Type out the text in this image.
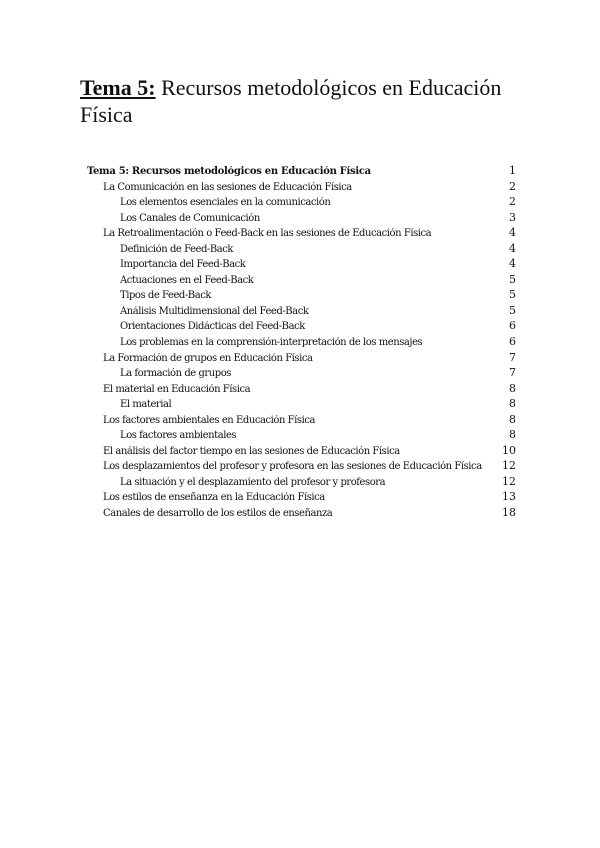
Tema 5: Recursos metodológicos en Educación Física
Tema 5: Recursos metodológicos en Educación Física	1
La Comunicación en las sesiones de Educación Física	2
Los elementos esenciales en la comunicación	2
Los Canales de Comunicación	3
La Retroalimentación o Feed-Back en las sesiones de Educación Física	4
Definición de Feed-Back	4
Importancia del Feed-Back	4
Actuaciones en el Feed-Back	5
Tipos de Feed-Back	5
Análisis Multidimensional del Feed-Back	5
Orientaciones Didácticas del Feed-Back	6
Los problemas en la comprensión-interpretación de los mensajes	6
La Formación de grupos en Educación Física	7
La formación de grupos	7
El material en Educación Física	8
El material	8
Los factores ambientales en Educación Física	8
Los factores ambientales	8
El análisis del factor tiempo en las sesiones de Educación Física	10
Los desplazamientos del profesor y profesora en las sesiones de Educación Física	12
La situación y el desplazamiento del profesor y profesora	12
Los estilos de enseñanza en la Educación Física	13
Canales de desarrollo de los estilos de enseñanza	18
